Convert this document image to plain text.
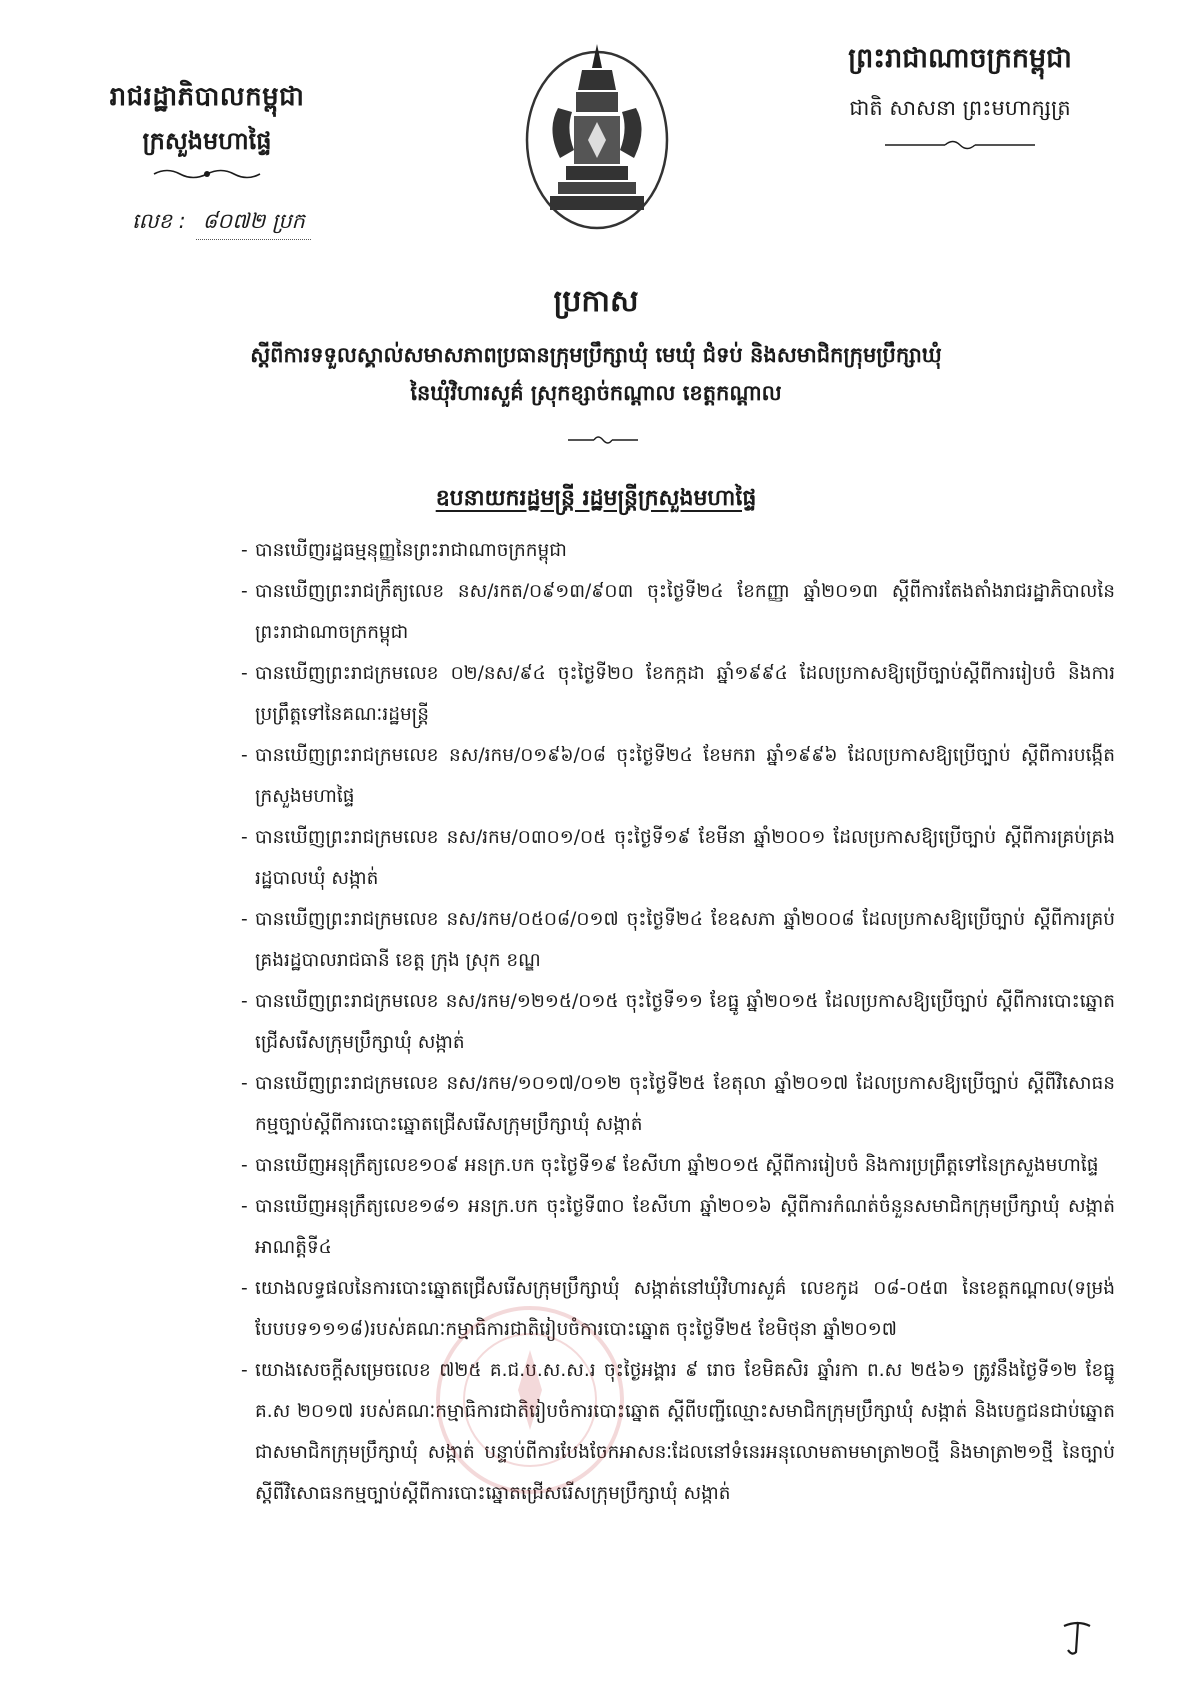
រាជរដ្ឋាភិបាលកម្ពុជា
ក្រសួងមហាផ្ទៃ
លេខ : ៨០៧២ ប្រក
ព្រះរាជាណាចក្រកម្ពុជា
ជាតិ សាសនា ព្រះមហាក្សត្រ
ប្រកាស
ស្តីពីការទទួលស្គាល់សមាសភាពប្រធានក្រុមប្រឹក្សាឃុំ មេឃុំ ជំទប់ និងសមាជិកក្រុមប្រឹក្សាឃុំ
នៃឃុំវិហារសួគ៌ ស្រុកខ្សាច់កណ្តាល ខេត្តកណ្តាល
ឧបនាយករដ្ឋមន្ត្រី រដ្ឋមន្ត្រីក្រសួងមហាផ្ទៃ
- បានឃើញរដ្ឋធម្មនុញ្ញនៃព្រះរាជាណាចក្រកម្ពុជា
- បានឃើញព្រះរាជក្រឹត្យលេខ នស/រកត/០៩១៣/៩០៣ ចុះថ្ងៃទី២៤ ខែកញ្ញា ឆ្នាំ២០១៣ ស្តីពីការតែងតាំងរាជរដ្ឋាភិបាលនៃព្រះរាជាណាចក្រកម្ពុជា
- បានឃើញព្រះរាជក្រមលេខ ០២/នស/៩៤ ចុះថ្ងៃទី២០ ខែកក្កដា ឆ្នាំ១៩៩៤ ដែលប្រកាសឱ្យប្រើច្បាប់ស្តីពីការរៀបចំ និងការប្រព្រឹត្តទៅនៃគណៈរដ្ឋមន្ត្រី
- បានឃើញព្រះរាជក្រមលេខ នស/រកម/០១៩៦/០៨ ចុះថ្ងៃទី២៤ ខែមករា ឆ្នាំ១៩៩៦ ដែលប្រកាសឱ្យប្រើច្បាប់ ស្តីពីការបង្កើតក្រសួងមហាផ្ទៃ
- បានឃើញព្រះរាជក្រមលេខ នស/រកម/០៣០១/០៥ ចុះថ្ងៃទី១៩ ខែមីនា ឆ្នាំ២០០១ ដែលប្រកាសឱ្យប្រើច្បាប់ ស្តីពីការគ្រប់គ្រងរដ្ឋបាលឃុំ សង្កាត់
- បានឃើញព្រះរាជក្រមលេខ នស/រកម/០៥០៨/០១៧ ចុះថ្ងៃទី២៤ ខែឧសភា ឆ្នាំ២០០៨ ដែលប្រកាសឱ្យប្រើច្បាប់ ស្តីពីការគ្រប់គ្រងរដ្ឋបាលរាជធានី ខេត្ត ក្រុង ស្រុក ខណ្ឌ
- បានឃើញព្រះរាជក្រមលេខ នស/រកម/១២១៥/០១៥ ចុះថ្ងៃទី១១ ខែធ្នូ ឆ្នាំ២០១៥ ដែលប្រកាសឱ្យប្រើច្បាប់ ស្តីពីការបោះឆ្នោតជ្រើសរើសក្រុមប្រឹក្សាឃុំ សង្កាត់
- បានឃើញព្រះរាជក្រមលេខ នស/រកម/១០១៧/០១២ ចុះថ្ងៃទី២៥ ខែតុលា ឆ្នាំ២០១៧ ដែលប្រកាសឱ្យប្រើច្បាប់ ស្តីពីវិសោធនកម្មច្បាប់ស្តីពីការបោះឆ្នោតជ្រើសរើសក្រុមប្រឹក្សាឃុំ សង្កាត់
- បានឃើញអនុក្រឹត្យលេខ១០៩ អនក្រ.បក ចុះថ្ងៃទី១៩ ខែសីហា ឆ្នាំ២០១៥ ស្តីពីការរៀបចំ និងការប្រព្រឹត្តទៅនៃក្រសួងមហាផ្ទៃ
- បានឃើញអនុក្រឹត្យលេខ១៨១ អនក្រ.បក ចុះថ្ងៃទី៣០ ខែសីហា ឆ្នាំ២០១៦ ស្តីពីការកំណត់ចំនួនសមាជិកក្រុមប្រឹក្សាឃុំ សង្កាត់អាណត្តិទី៤
- យោងលទ្ធផលនៃការបោះឆ្នោតជ្រើសរើសក្រុមប្រឹក្សាឃុំ សង្កាត់នៅឃុំវិហារសួគ៌ លេខកូដ ០៨-០៥៣ នៃខេត្តកណ្តាល(ទម្រង់បែបបទ១១១៨)របស់គណៈកម្មាធិការជាតិរៀបចំការបោះឆ្នោត ចុះថ្ងៃទី២៥ ខែមិថុនា ឆ្នាំ២០១៧
- យោងសេចក្តីសម្រេចលេខ ៧២៥ គ.ជ.ប.ស.ស.រ ចុះថ្ងៃអង្គារ ៩ រោច ខែមិគសិរ ឆ្នាំរកា ព.ស ២៥៦១ ត្រូវនឹងថ្ងៃទី១២ ខែធ្នូ គ.ស ២០១៧ របស់គណៈកម្មាធិការជាតិរៀបចំការបោះឆ្នោត ស្តីពីបញ្ជីឈ្មោះសមាជិកក្រុមប្រឹក្សាឃុំ សង្កាត់ និងបេក្ខជនជាប់ឆ្នោតជាសមាជិកក្រុមប្រឹក្សាឃុំ សង្កាត់ បន្ទាប់ពីការបែងចែកអាសនៈដែលនៅទំនេរអនុលោមតាមមាត្រា២០ថ្មី និងមាត្រា២១ថ្មី នៃច្បាប់ ស្តីពីវិសោធនកម្មច្បាប់ស្តីពីការបោះឆ្នោតជ្រើសរើសក្រុមប្រឹក្សាឃុំ សង្កាត់
